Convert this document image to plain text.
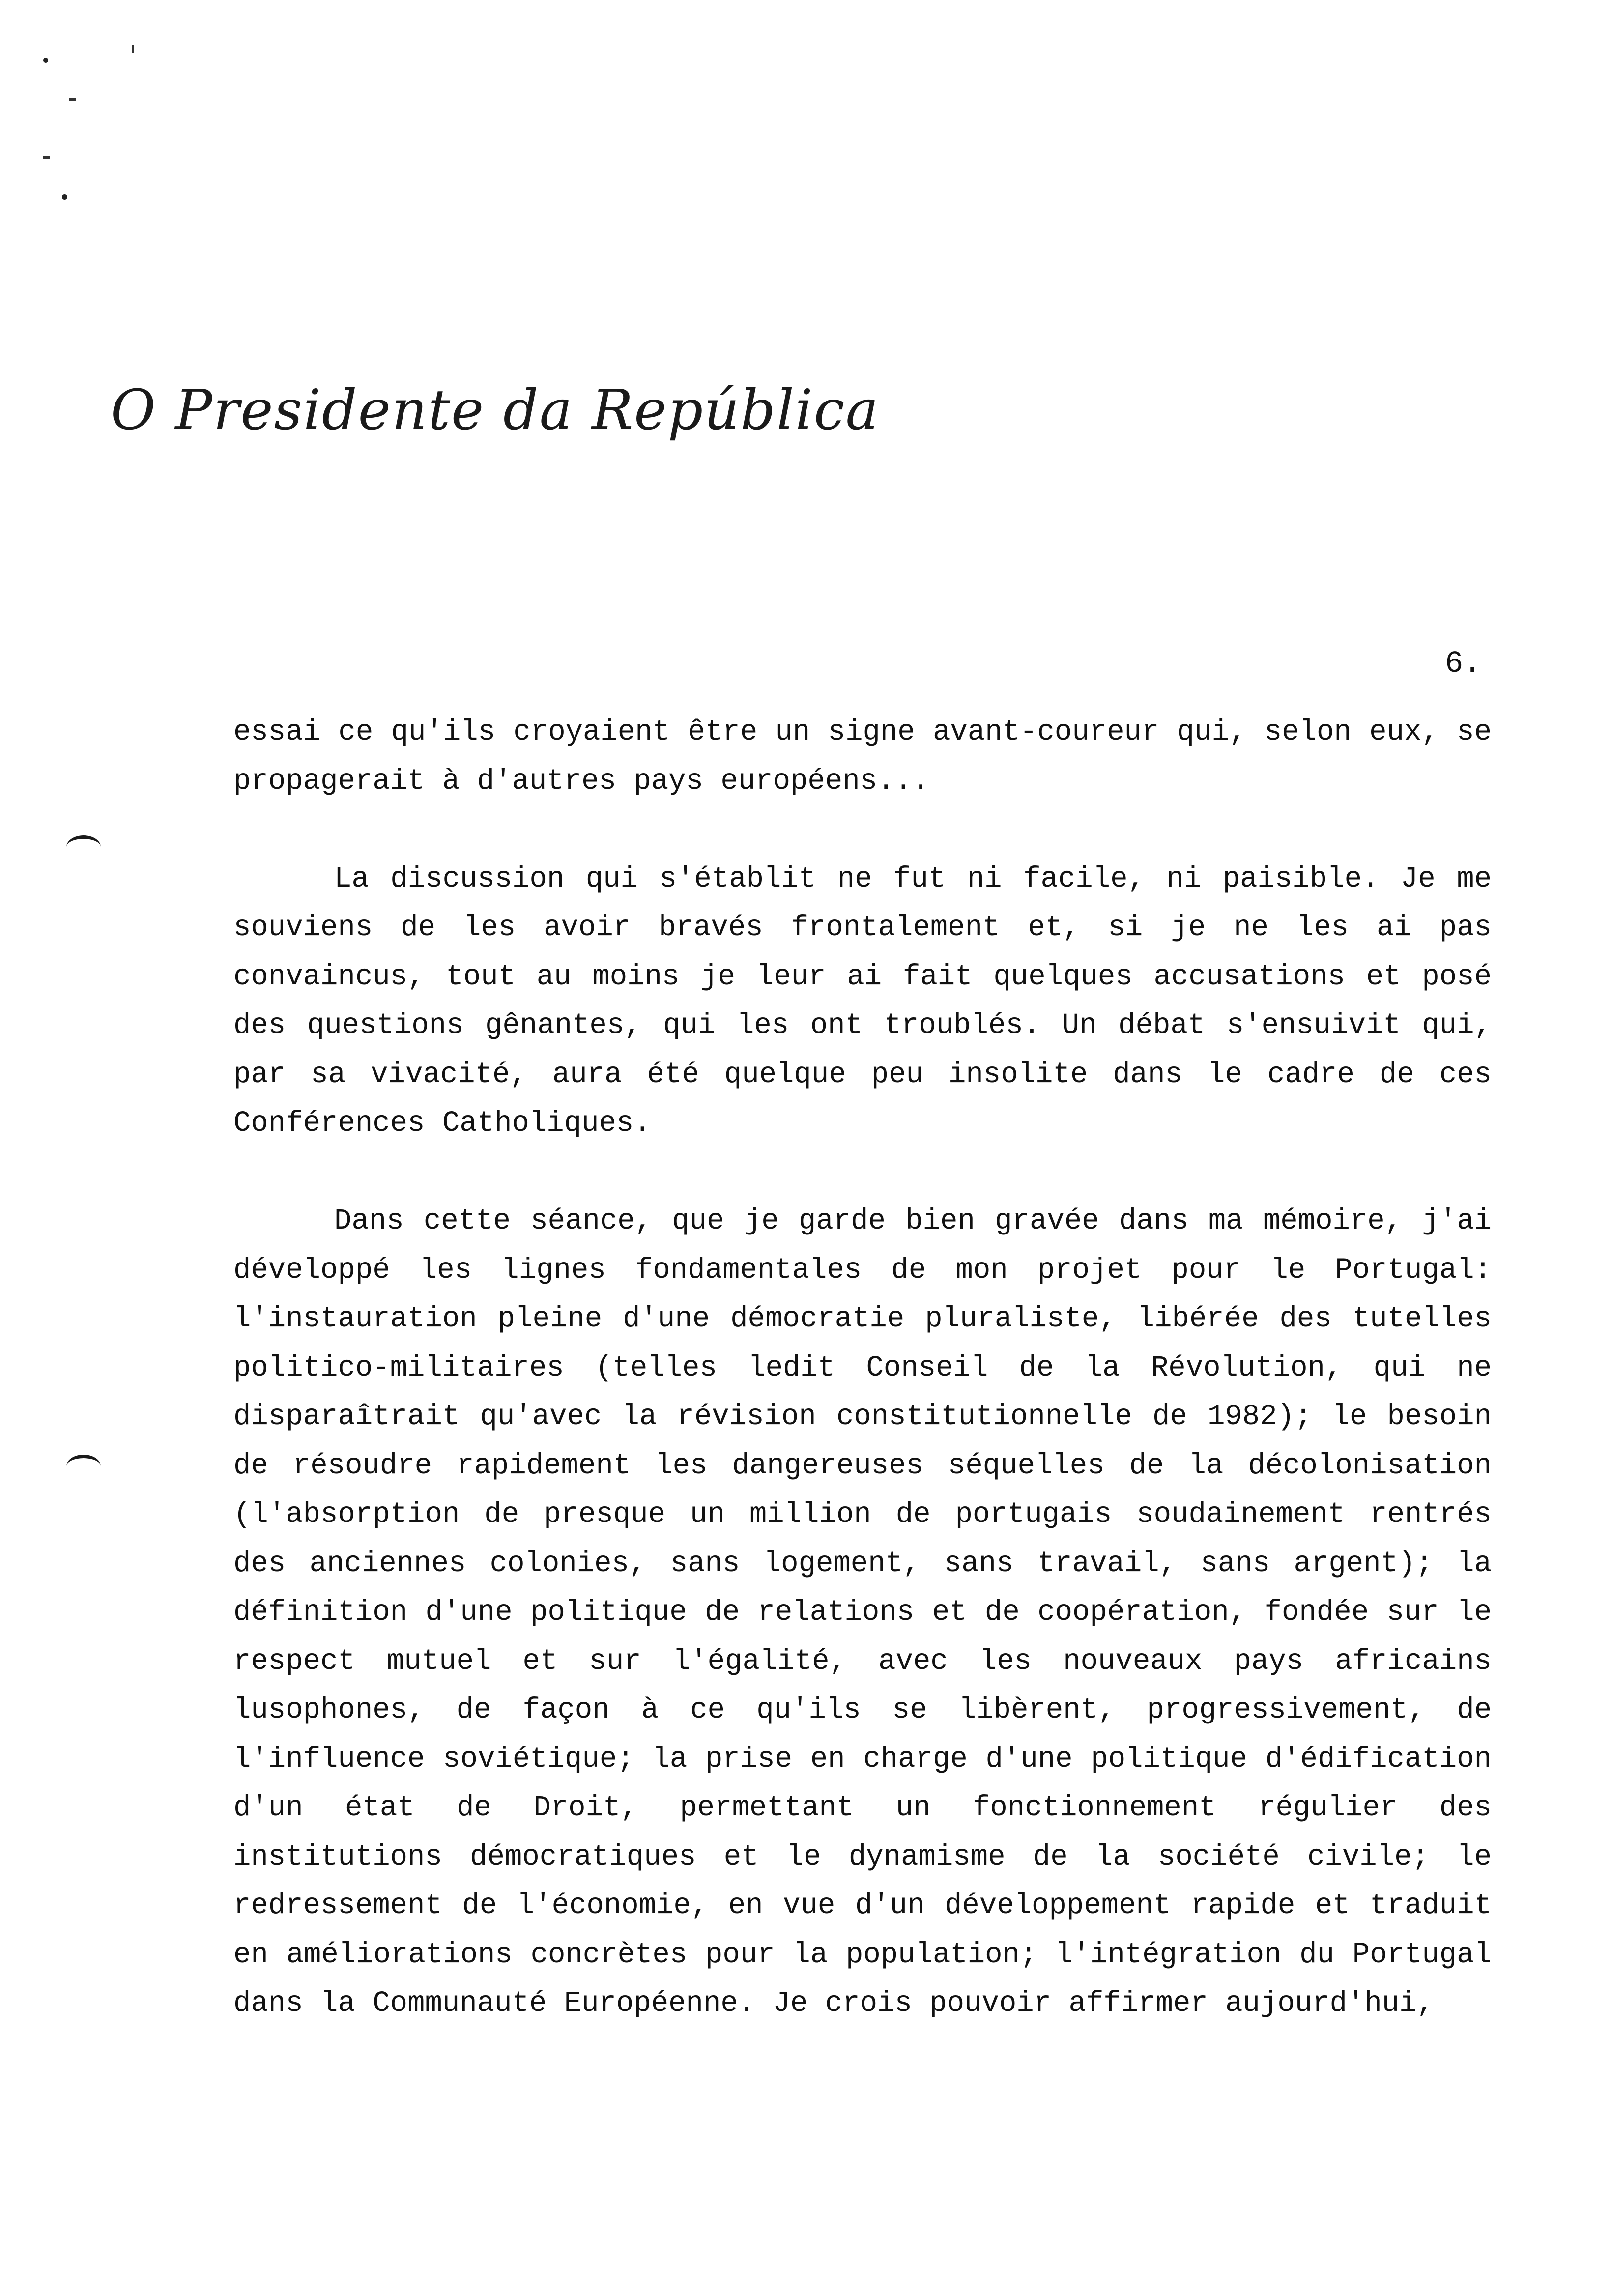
O Presidente da República
6.

essai ce qu'ils croyaient être un signe avant-coureur qui, selon eux, se propagerait à d'autres pays européens...

La discussion qui s'établit ne fut ni facile, ni paisible. Je me souviens de les avoir bravés frontalement et, si je ne les ai pas convaincus, tout au moins je leur ai fait quelques accusations et posé des questions gênantes, qui les ont troublés. Un débat s'ensuivit qui, par sa vivacité, aura été quelque peu insolite dans le cadre de ces Conférences Catholiques.

Dans cette séance, que je garde bien gravée dans ma mémoire, j'ai développé les lignes fondamentales de mon projet pour le Portugal: l'instauration pleine d'une démocratie pluraliste, libérée des tutelles politico-militaires (telles ledit Conseil de la Révolution, qui ne disparaîtrait qu'avec la révision constitutionnelle de 1982); le besoin de résoudre rapidement les dangereuses séquelles de la décolonisation (l'absorption de presque un million de portugais soudainement rentrés des anciennes colonies, sans logement, sans travail, sans argent); la définition d'une politique de relations et de coopération, fondée sur le respect mutuel et sur l'égalité, avec les nouveaux pays africains lusophones, de façon à ce qu'ils se libèrent, progressivement, de l'influence soviétique; la prise en charge d'une politique d'édification d'un état de Droit, permettant un fonctionnement régulier des institutions démocratiques et le dynamisme de la société civile; le redressement de l'économie, en vue d'un développement rapide et traduit en améliorations concrètes pour la population; l'intégration du Portugal dans la Communauté Européenne. Je crois pouvoir affirmer aujourd'hui,
